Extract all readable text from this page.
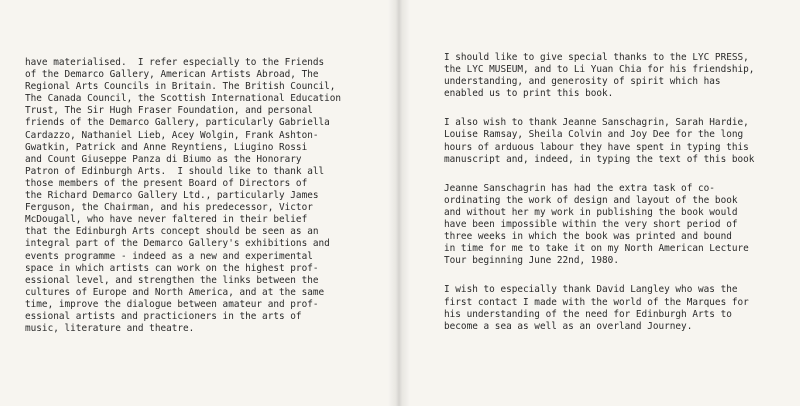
have materialised.  I refer especially to the Friends
of the Demarco Gallery, American Artists Abroad, The
Regional Arts Councils in Britain. The British Council,
The Canada Council, the Scottish International Education
Trust, The Sir Hugh Fraser Foundation, and personal
friends of the Demarco Gallery, particularly Gabriella
Cardazzo, Nathaniel Lieb, Acey Wolgin, Frank Ashton-
Gwatkin, Patrick and Anne Reyntiens, Liugino Rossi
and Count Giuseppe Panza di Biumo as the Honorary
Patron of Edinburgh Arts.  I should like to thank all
those members of the present Board of Directors of
the Richard Demarco Gallery Ltd., particularly James
Ferguson, the Chairman, and his predecessor, Victor
McDougall, who have never faltered in their belief
that the Edinburgh Arts concept should be seen as an
integral part of the Demarco Gallery's exhibitions and
events programme - indeed as a new and experimental
space in which artists can work on the highest prof-
essional level, and strengthen the links between the
cultures of Europe and North America, and at the same
time, improve the dialogue between amateur and prof-
essional artists and practicioners in the arts of
music, literature and theatre.
I should like to give special thanks to the LYC PRESS,
the LYC MUSEUM, and to Li Yuan Chia for his friendship,
understanding, and generosity of spirit which has
enabled us to print this book.
I also wish to thank Jeanne Sanschagrin, Sarah Hardie,
Louise Ramsay, Sheila Colvin and Joy Dee for the long
hours of arduous labour they have spent in typing this
manuscript and, indeed, in typing the text of this book
Jeanne Sanschagrin has had the extra task of co-
ordinating the work of design and layout of the book
and without her my work in publishing the book would
have been impossible within the very short period of
three weeks in which the book was printed and bound
in time for me to take it on my North American Lecture
Tour beginning June 22nd, 1980.
I wish to especially thank David Langley who was the
first contact I made with the world of the Marques for
his understanding of the need for Edinburgh Arts to
become a sea as well as an overland Journey.
